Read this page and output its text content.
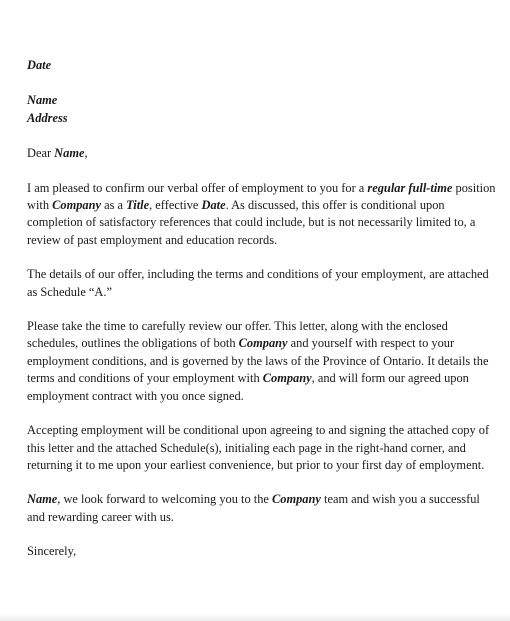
Date

Name

Address

Dear Name,

I am pleased to confirm our verbal offer of employment to you for a regular full-time position with Company as a Title, effective Date. As discussed, this offer is conditional upon completion of satisfactory references that could include, but is not necessarily limited to, a review of past employment and education records.

The details of our offer, including the terms and conditions of your employment, are attached as Schedule “A.”

Please take the time to carefully review our offer. This letter, along with the enclosed schedules, outlines the obligations of both Company and yourself with respect to your employment conditions, and is governed by the laws of the Province of Ontario. It details the terms and conditions of your employment with Company, and will form our agreed upon employment contract with you once signed.

Accepting employment will be conditional upon agreeing to and signing the attached copy of this letter and the attached Schedule(s), initialing each page in the right-hand corner, and returning it to me upon your earliest convenience, but prior to your first day of employment.

Name, we look forward to welcoming you to the Company team and wish you a successful and rewarding career with us.

Sincerely,
